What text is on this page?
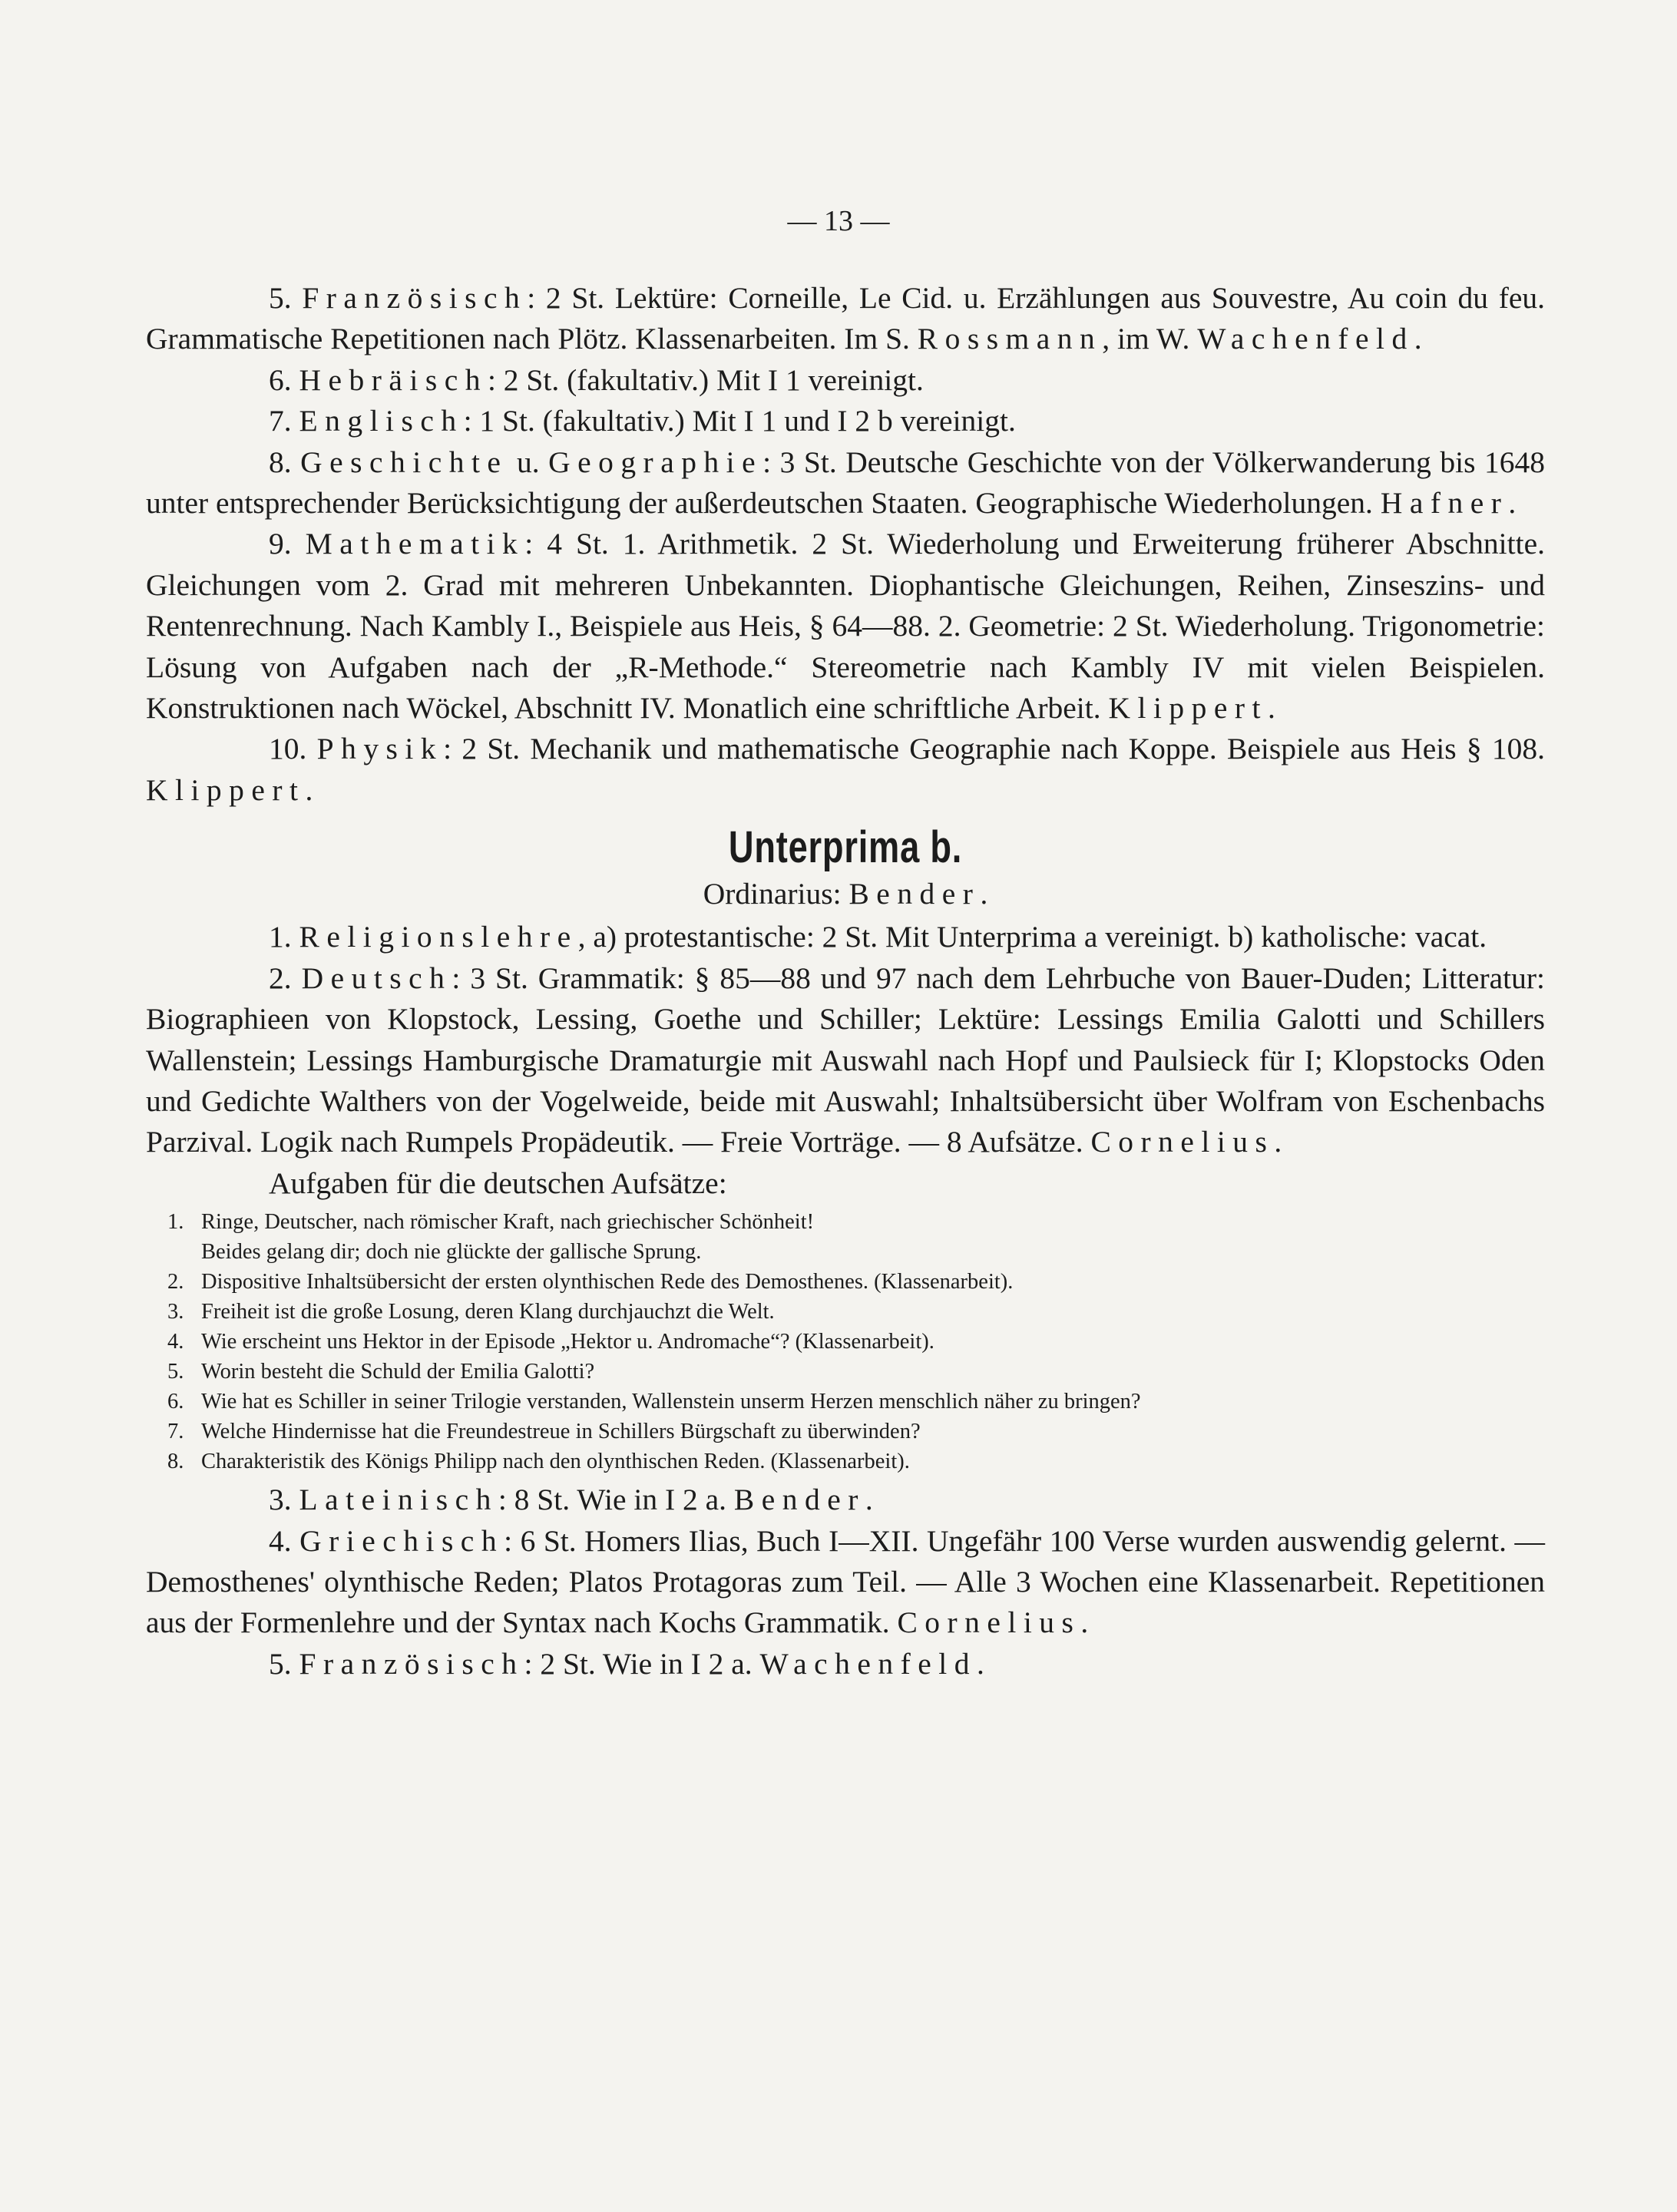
— 13 —

5. Französisch: 2 St. Lektüre: Corneille, Le Cid. u. Erzählungen aus Souvestre, Au coin du feu. Grammatische Repetitionen nach Plötz. Klassenarbeiten. Im S. Rossmann, im W. Wachenfeld.

6. Hebräisch: 2 St. (fakultativ.) Mit I 1 vereinigt.

7. Englisch: 1 St. (fakultativ.) Mit I 1 und I 2 b vereinigt.

8. Geschichte u. Geographie: 3 St. Deutsche Geschichte von der Völkerwanderung bis 1648 unter entsprechender Berücksichtigung der außerdeutschen Staaten. Geographische Wiederholungen. Hafner.

9. Mathematik: 4 St. 1. Arithmetik. 2 St. Wiederholung und Erweiterung früherer Abschnitte. Gleichungen vom 2. Grad mit mehreren Unbekannten. Diophantische Gleichungen, Reihen, Zinseszins- und Rentenrechnung. Nach Kambly I., Beispiele aus Heis, § 64—88. 2. Geometrie: 2 St. Wiederholung. Trigonometrie: Lösung von Aufgaben nach der „R-Methode.“ Stereometrie nach Kambly IV mit vielen Beispielen. Konstruktionen nach Wöckel, Abschnitt IV. Monatlich eine schriftliche Arbeit. Klippert.

10. Physik: 2 St. Mechanik und mathematische Geographie nach Koppe. Beispiele aus Heis § 108. Klippert.

Unterprima b.
Ordinarius: Bender.

1. Religionslehre, a) protestantische: 2 St. Mit Unterprima a vereinigt. b) katholische: vacat.

2. Deutsch: 3 St. Grammatik: § 85—88 und 97 nach dem Lehrbuche von Bauer-Duden; Litteratur: Biographieen von Klopstock, Lessing, Goethe und Schiller; Lektüre: Lessings Emilia Galotti und Schillers Wallenstein; Lessings Hamburgische Dramaturgie mit Auswahl nach Hopf und Paulsieck für I; Klopstocks Oden und Gedichte Walthers von der Vogelweide, beide mit Auswahl; Inhaltsübersicht über Wolfram von Eschenbachs Parzival. Logik nach Rumpels Propädeutik. — Freie Vorträge. — 8 Aufsätze. Cornelius.

Aufgaben für die deutschen Aufsätze:

1. Ringe, Deutscher, nach römischer Kraft, nach griechischer Schönheit!
Beides gelang dir; doch nie glückte der gallische Sprung.
2. Dispositive Inhaltsübersicht der ersten olynthischen Rede des Demosthenes. (Klassenarbeit).
3. Freiheit ist die große Losung, deren Klang durchjauchzt die Welt.
4. Wie erscheint uns Hektor in der Episode „Hektor u. Andromache“? (Klassenarbeit).
5. Worin besteht die Schuld der Emilia Galotti?
6. Wie hat es Schiller in seiner Trilogie verstanden, Wallenstein unserm Herzen menschlich näher zu bringen?
7. Welche Hindernisse hat die Freundestreue in Schillers Bürgschaft zu überwinden?
8. Charakteristik des Königs Philipp nach den olynthischen Reden. (Klassenarbeit).

3. Lateinisch: 8 St. Wie in I 2 a. Bender.

4. Griechisch: 6 St. Homers Ilias, Buch I—XII. Ungefähr 100 Verse wurden auswendig gelernt. — Demosthenes' olynthische Reden; Platos Protagoras zum Teil. — Alle 3 Wochen eine Klassenarbeit. Repetitionen aus der Formenlehre und der Syntax nach Kochs Grammatik. Cornelius.

5. Französisch: 2 St. Wie in I 2 a. Wachenfeld.
